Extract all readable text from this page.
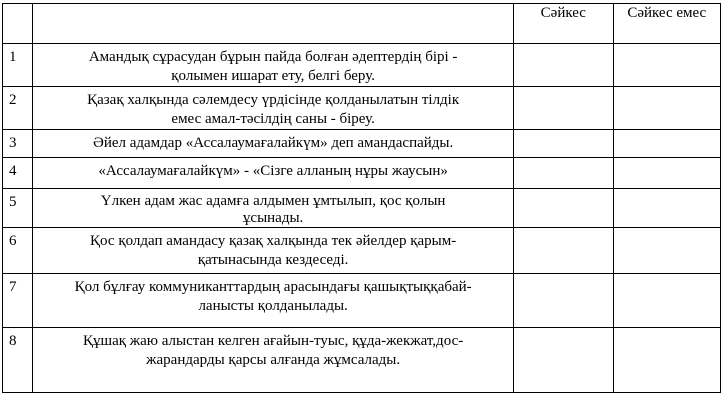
		Сәйкес	Сәйкес емес
1	Амандық сұрасудан бұрын пайда болған әдептердің бірі -
қолымен ишарат ету, белгі беру.		

2	Қазақ халқында сәлемдесу үрдісінде қолданылатын тілдік
емес амал-тәсілдің саны - біреу.		

3	Әйел адамдар «Ассалаумағалайкүм» деп амандаспайды.		

4	«Ассалаумағалайкүм» - «Сізге алланың нұры жаусын»		

5	Үлкен адам жас адамға алдымен ұмтылып, қос қолын
ұсынады.		

6	Қос қолдап амандасу қазақ халқында тек әйелдер қарым-
қатынасында кездеседі.		

7	Қол бұлғау коммуниканттардың арасындағы қашықтыққабай-
ланысты қолданылады.		

8	Құшақ жаю алыстан келген ағайын-туыс, құда-жекжат,дос-
жарандарды қарсы алғанда жұмсалады.		
